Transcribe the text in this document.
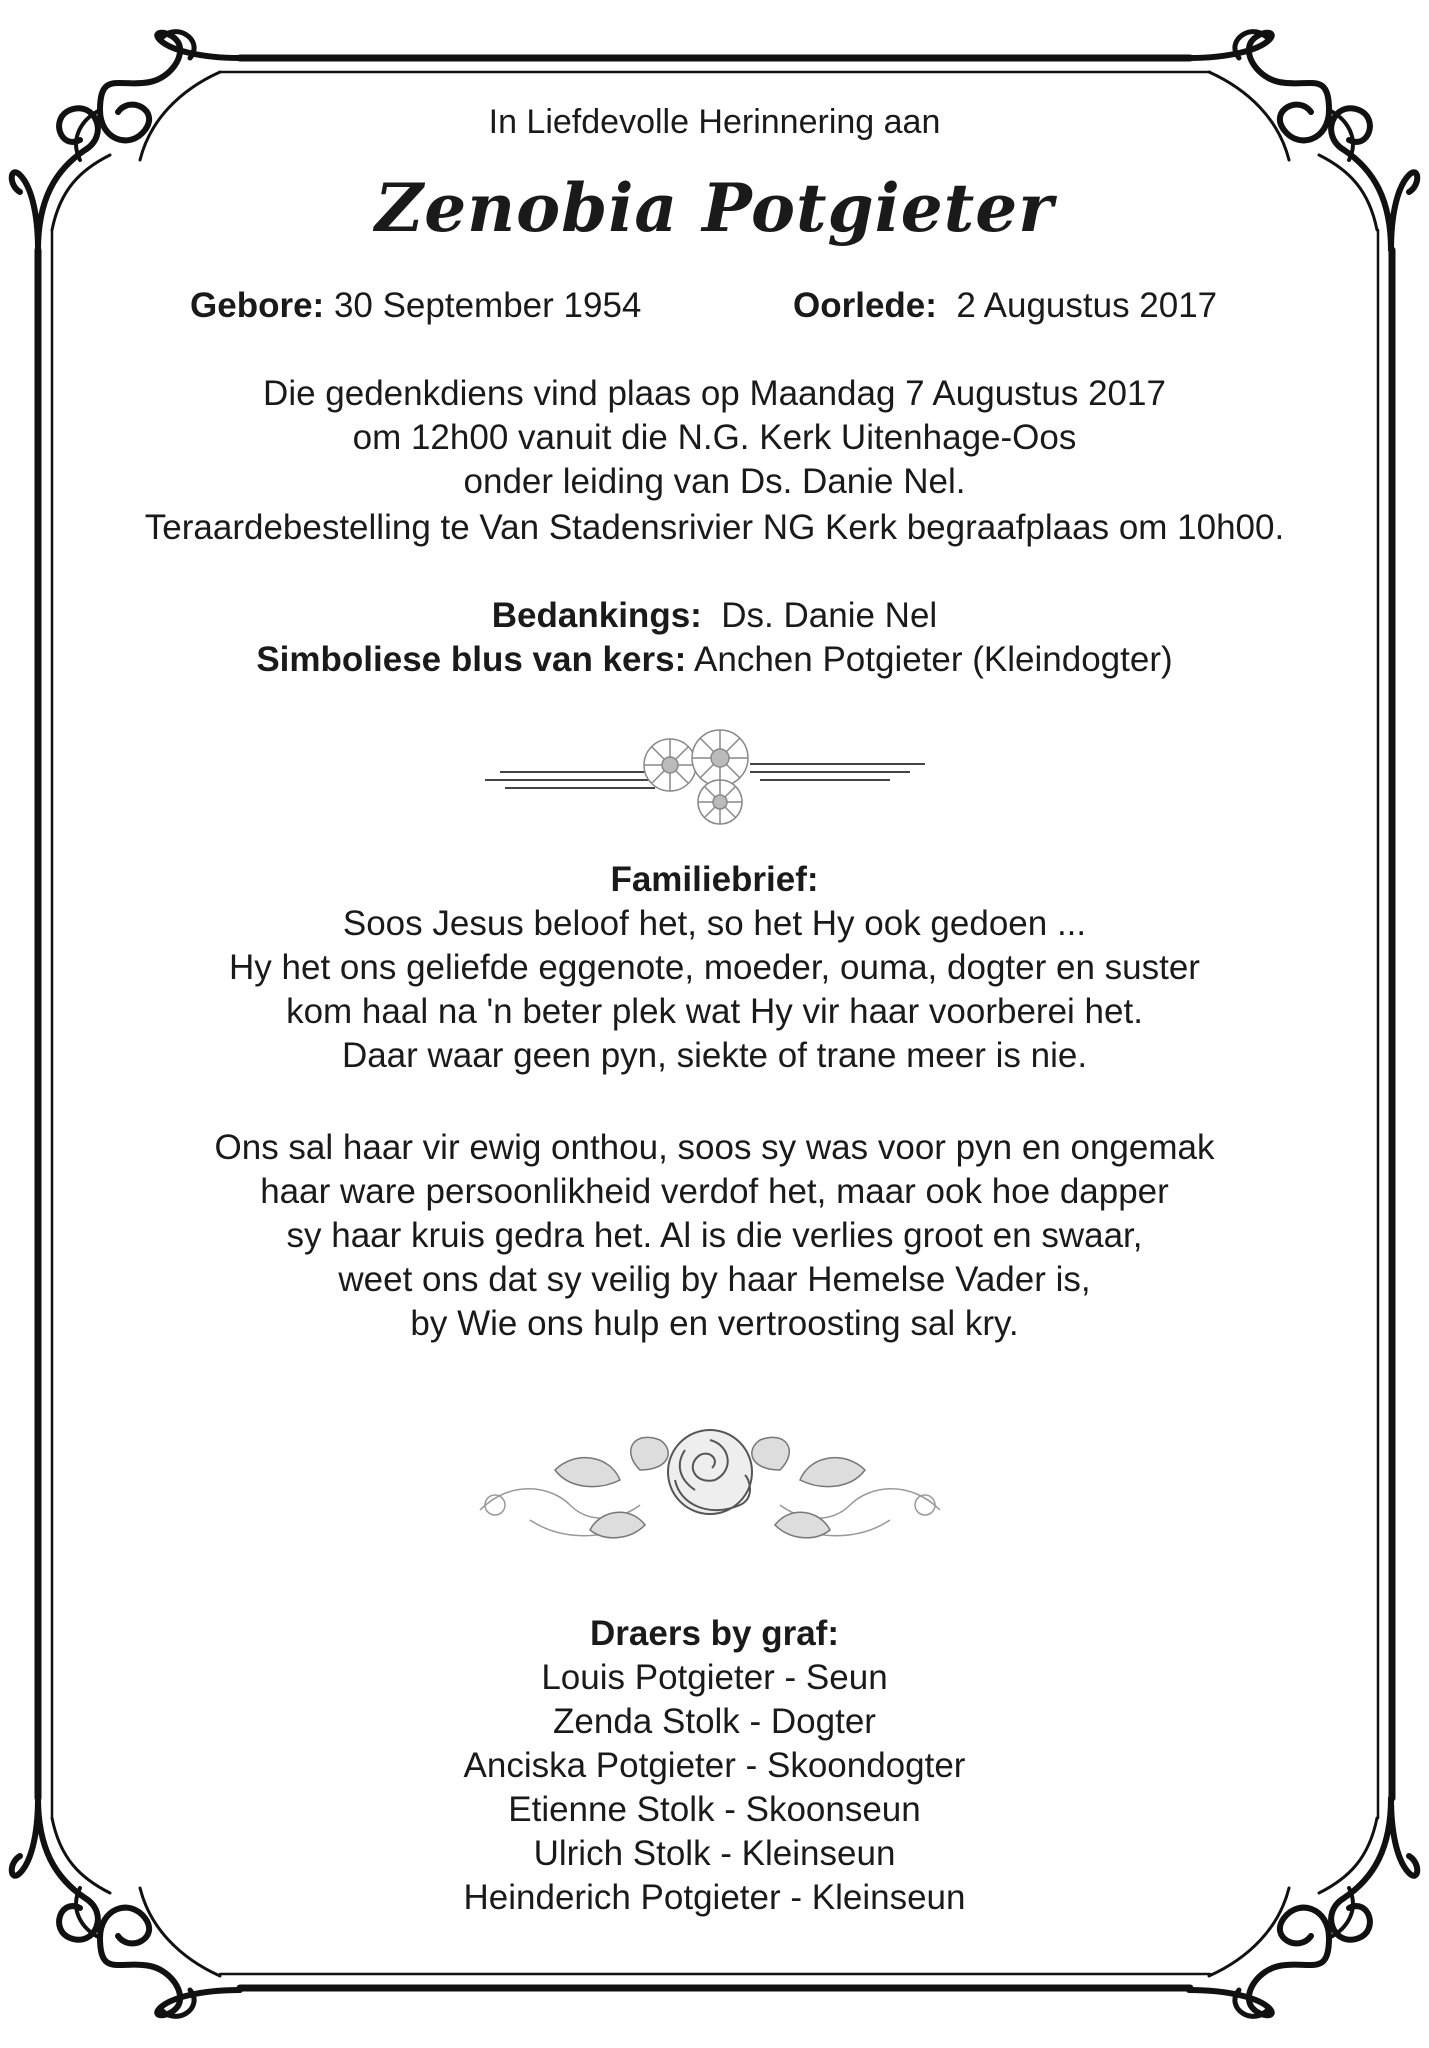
In Liefdevolle Herinnering aan
Zenobia Potgieter
Gebore: 30 September 1954	Oorlede: 2 Augustus 2017
Die gedenkdiens vind plaas op Maandag 7 Augustus 2017
om 12h00 vanuit die N.G. Kerk Uitenhage-Oos
onder leiding van Ds. Danie Nel.
Teraardebestelling te Van Stadensrivier NG Kerk begraafplaas om 10h00.
Bedankings: Ds. Danie Nel
Simboliese blus van kers: Anchen Potgieter (Kleindogter)
Familiebrief:
Soos Jesus beloof het, so het Hy ook gedoen ...
Hy het ons geliefde eggenote, moeder, ouma, dogter en suster
kom haal na 'n beter plek wat Hy vir haar voorberei het.
Daar waar geen pyn, siekte of trane meer is nie.
Ons sal haar vir ewig onthou, soos sy was voor pyn en ongemak
haar ware persoonlikheid verdof het, maar ook hoe dapper
sy haar kruis gedra het. Al is die verlies groot en swaar,
weet ons dat sy veilig by haar Hemelse Vader is,
by Wie ons hulp en vertroosting sal kry.
Draers by graf:
Louis Potgieter - Seun
Zenda Stolk - Dogter
Anciska Potgieter - Skoondogter
Etienne Stolk - Skoonseun
Ulrich Stolk - Kleinseun
Heinderich Potgieter - Kleinseun
